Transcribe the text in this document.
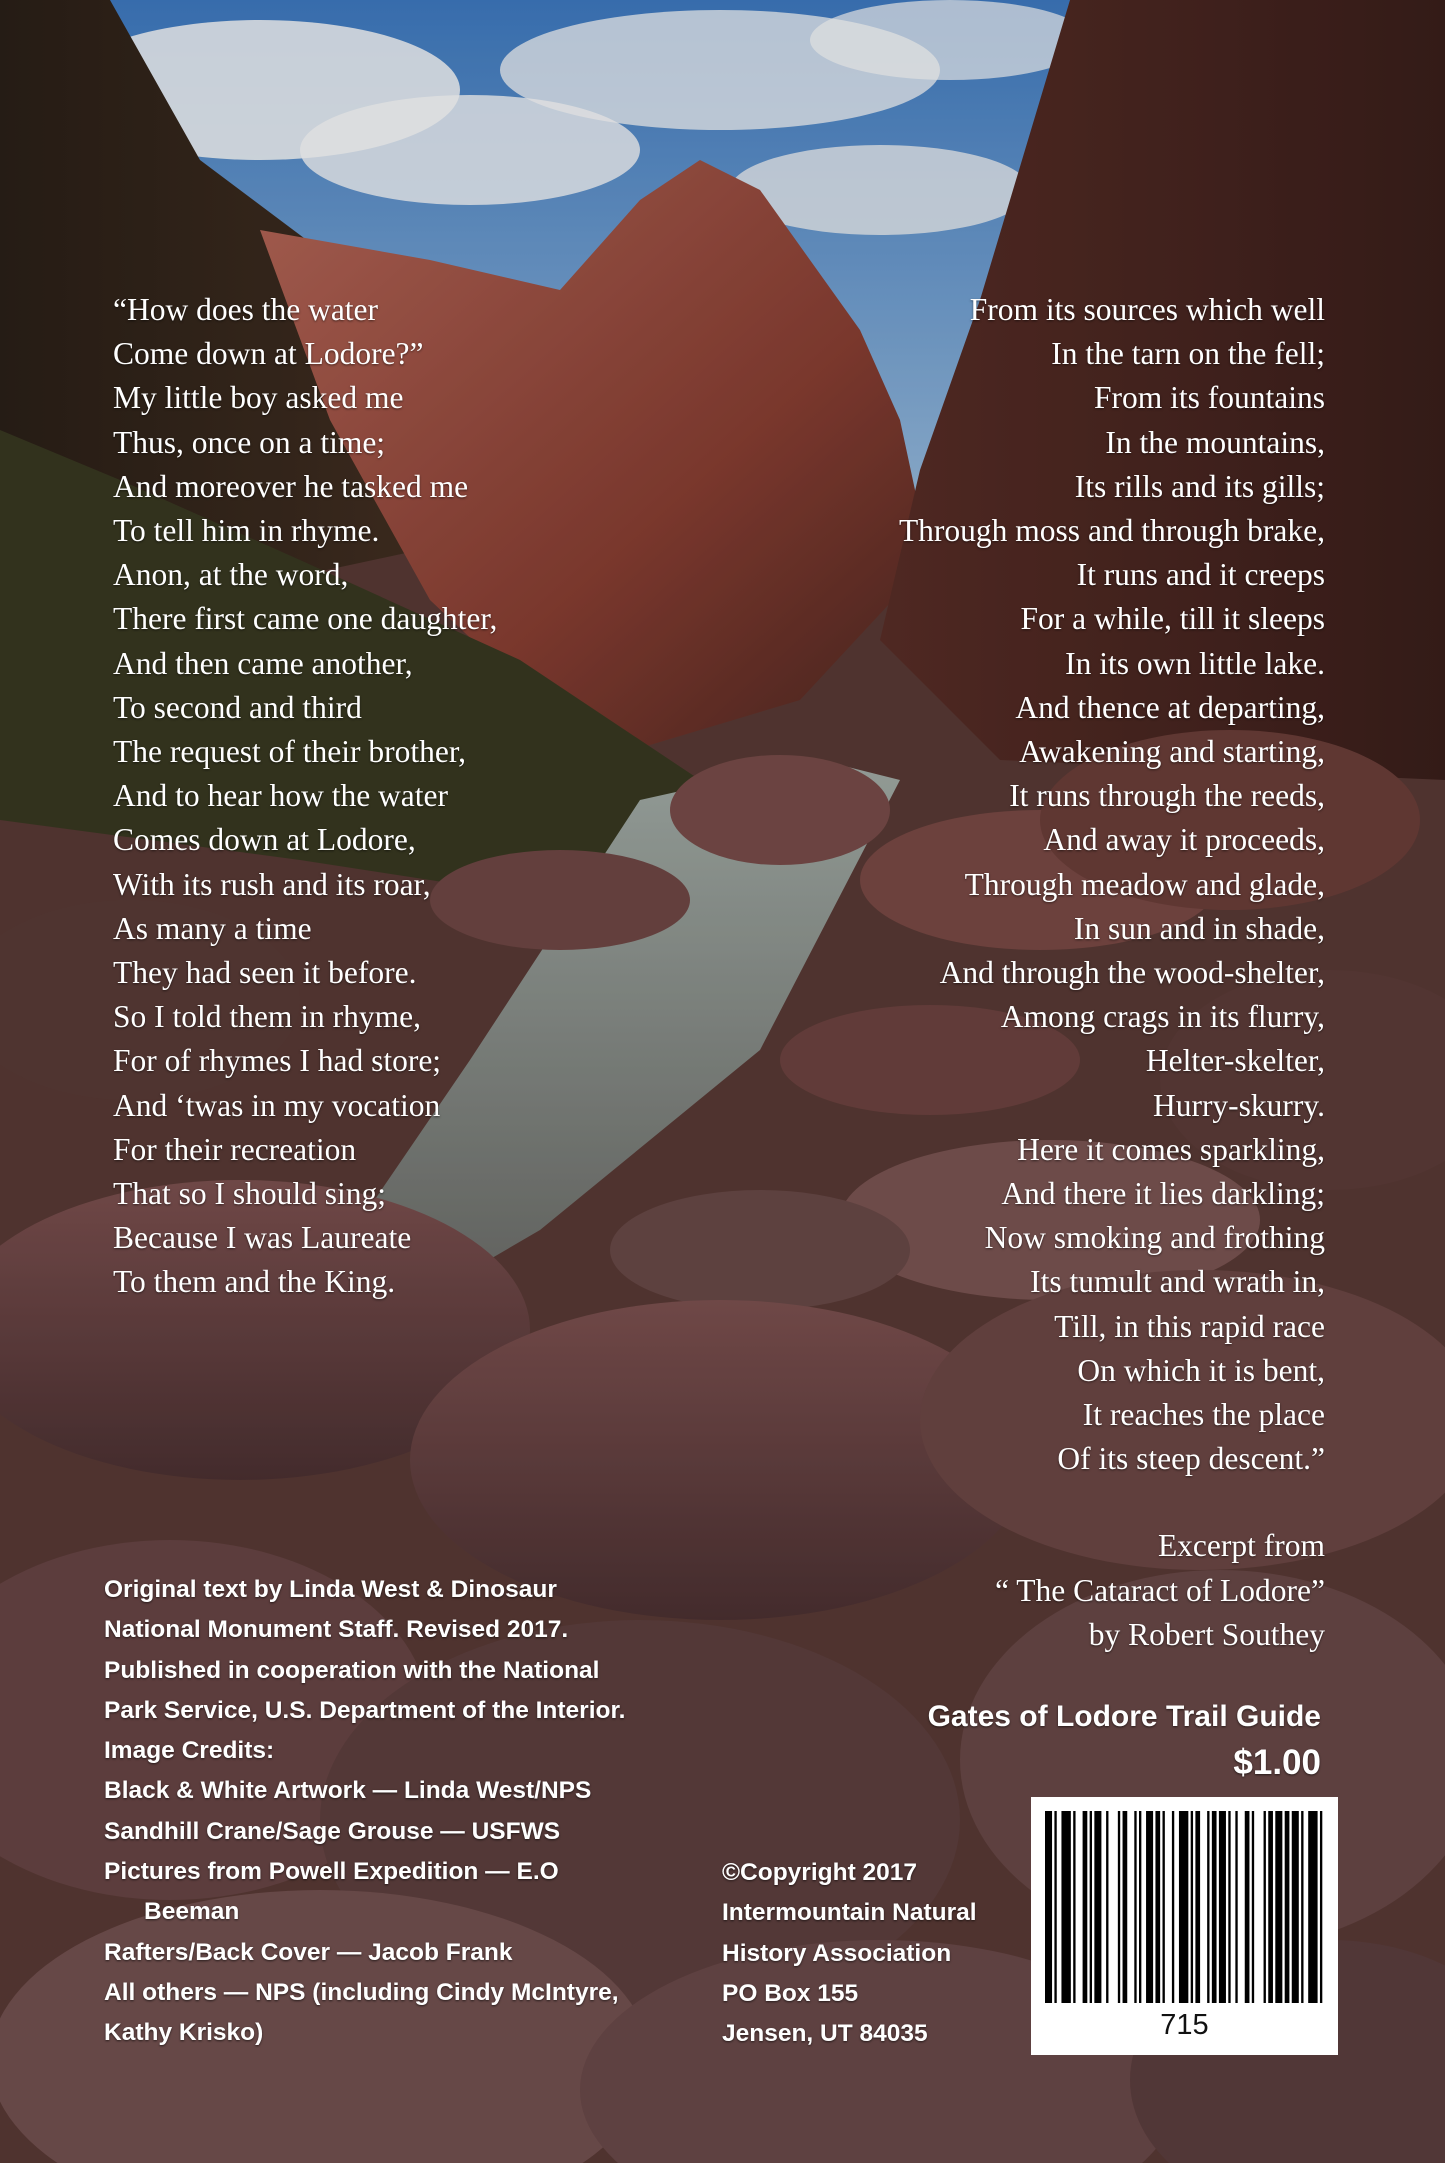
“How does the water
Come down at Lodore?”
My little boy asked me
Thus, once on a time;
And moreover he tasked me
To tell him in rhyme.
Anon, at the word,
There first came one daughter,
And then came another,
To second and third
The request of their brother,
And to hear how the water
Comes down at Lodore,
With its rush and its roar,
As many a time
They had seen it before.
So I told them in rhyme,
For of rhymes I had store;
And ‘twas in my vocation
For their recreation
That so I should sing;
Because I was Laureate
To them and the King.
From its sources which well
In the tarn on the fell;
From its fountains
In the mountains,
Its rills and its gills;
Through moss and through brake,
It runs and it creeps
For a while, till it sleeps
In its own little lake.
And thence at departing,
Awakening and starting,
It runs through the reeds,
And away it proceeds,
Through meadow and glade,
In sun and in shade,
And through the wood-shelter,
Among crags in its flurry,
Helter-skelter,
Hurry-skurry.
Here it comes sparkling,
And there it lies darkling;
Now smoking and frothing
Its tumult and wrath in,
Till, in this rapid race
On which it is bent,
It reaches the place
Of its steep descent.”
Excerpt from
“ The Cataract of Lodore”
by Robert Southey
Gates of Lodore Trail Guide
$1.00
Original text by Linda West & Dinosaur
National Monument Staff. Revised 2017.
Published in cooperation with the National
Park Service, U.S. Department of the Interior.
Image Credits:
Black & White Artwork — Linda West/NPS
Sandhill Crane/Sage Grouse — USFWS
Pictures from Powell Expedition — E.O
Beeman
Rafters/Back Cover — Jacob Frank
All others — NPS (including Cindy McIntyre,
Kathy Krisko)
©Copyright 2017
Intermountain Natural
History Association
PO Box 155
Jensen, UT 84035	715
